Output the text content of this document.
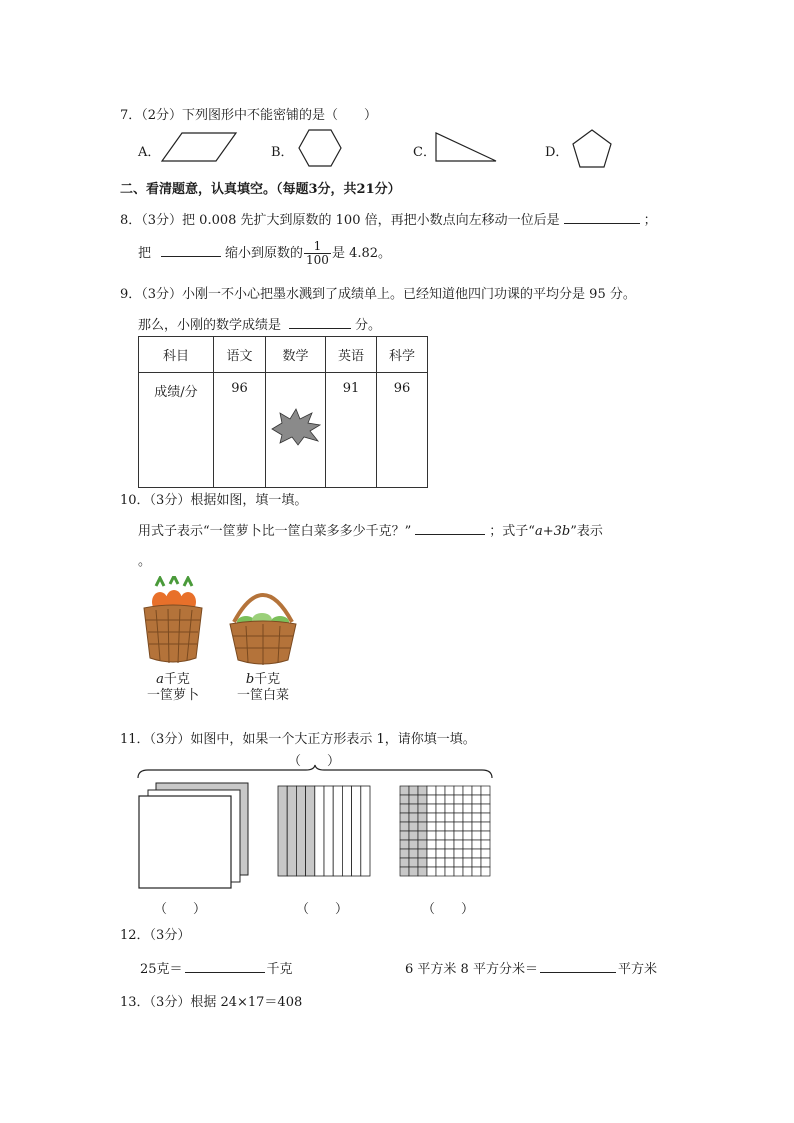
7．（2分）下列图形中不能密铺的是（　　）
A．	B．	C．	D．
二、看清题意，认真填空。（每题3分，共21分）
8．（3分）把 0.008 先扩大到原数的 100 倍，再把小数点向左移动一位后是	；
把	缩小到原数的 $\frac{1}{100}$ 是 4.82。
9．（3分）小刚一不小心把墨水溅到了成绩单上。已经知道他四门功课的平均分是 95 分。
那么，小刚的数学成绩是	分。
科目	语文	数学	英语	科学
成绩/分	96		91	96
10．（3分）根据如图，填一填。
用式子表示“一筐萝卜比一筐白菜多多少千克？”	；式子“a+3b”表示
。
a千克
一筐萝卜
b千克
一筐白菜
11．（3分）如图中，如果一个大正方形表示 1，请你填一填。
（　　）
（　　）	（　　）	（　　）
12．（3分）
25克＝	千克	6 平方米 8 平方分米＝	平方米
13．（3分）根据 24×17＝408
